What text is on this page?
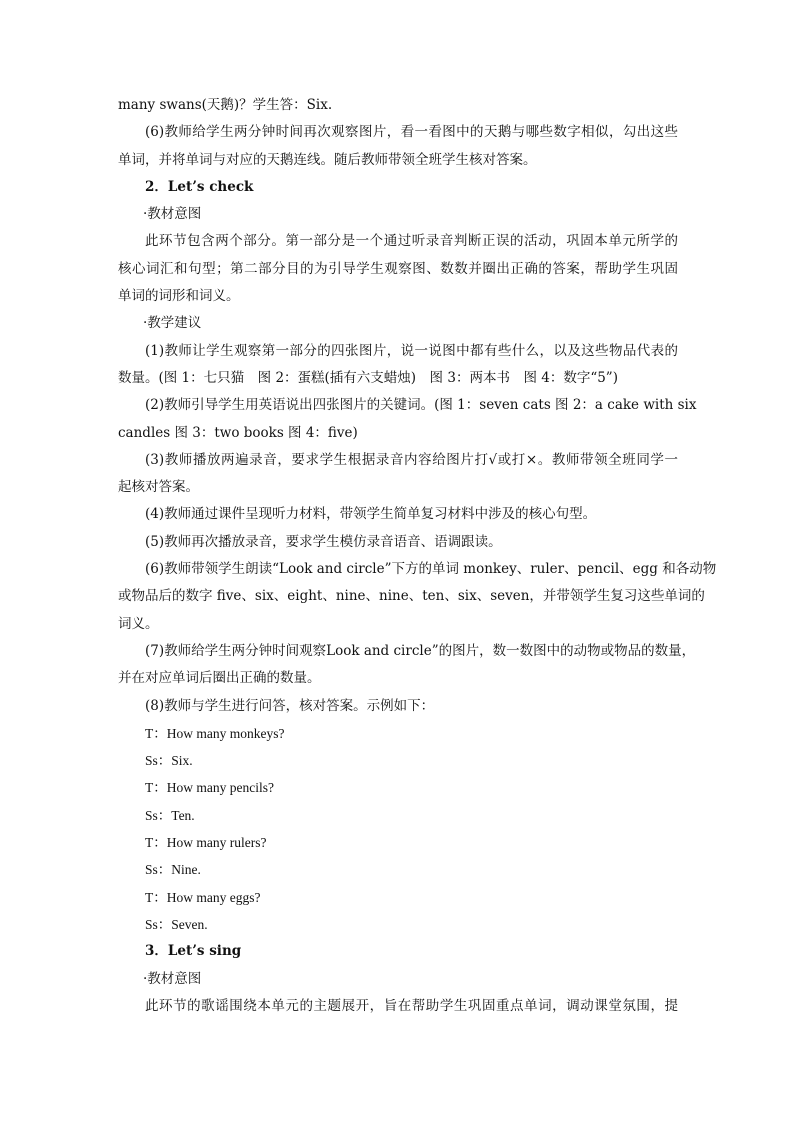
many swans(天鹅)？学生答：Six.
(6)教师给学生两分钟时间再次观察图片，看一看图中的天鹅与哪些数字相似，勾出这些
单词，并将单词与对应的天鹅连线。随后教师带领全班学生核对答案。
2．Let’s check
·教材意图
此环节包含两个部分。第一部分是一个通过听录音判断正误的活动，巩固本单元所学的
核心词汇和句型；第二部分目的为引导学生观察图、数数并圈出正确的答案，帮助学生巩固
单词的词形和词义。
·教学建议
(1)教师让学生观察第一部分的四张图片，说一说图中都有些什么，以及这些物品代表的
数量。(图 1：七只猫　图 2：蛋糕(插有六支蜡烛)　图 3：两本书　图 4：数字“5”)
(2)教师引导学生用英语说出四张图片的关键词。(图 1：seven cats 图 2：a cake with six
candles 图 3：two books 图 4：five)
(3)教师播放两遍录音，要求学生根据录音内容给图片打√或打×。教师带领全班同学一
起核对答案。
(4)教师通过课件呈现听力材料，带领学生简单复习材料中涉及的核心句型。
(5)教师再次播放录音，要求学生模仿录音语音、语调跟读。
(6)教师带领学生朗读“Look and circle”下方的单词 monkey、ruler、pencil、egg 和各动物
或物品后的数字 five、six、eight、nine、nine、ten、six、seven，并带领学生复习这些单词的
词义。
(7)教师给学生两分钟时间观察Look and circle”的图片，数一数图中的动物或物品的数量，
并在对应单词后圈出正确的数量。
(8)教师与学生进行问答，核对答案。示例如下：
T：How many monkeys?
Ss：Six.
T：How many pencils?
Ss：Ten.
T：How many rulers?
Ss：Nine.
T：How many eggs?
Ss：Seven.
3．Let’s sing
·教材意图
此环节的歌谣围绕本单元的主题展开，旨在帮助学生巩固重点单词，调动课堂氛围，提
